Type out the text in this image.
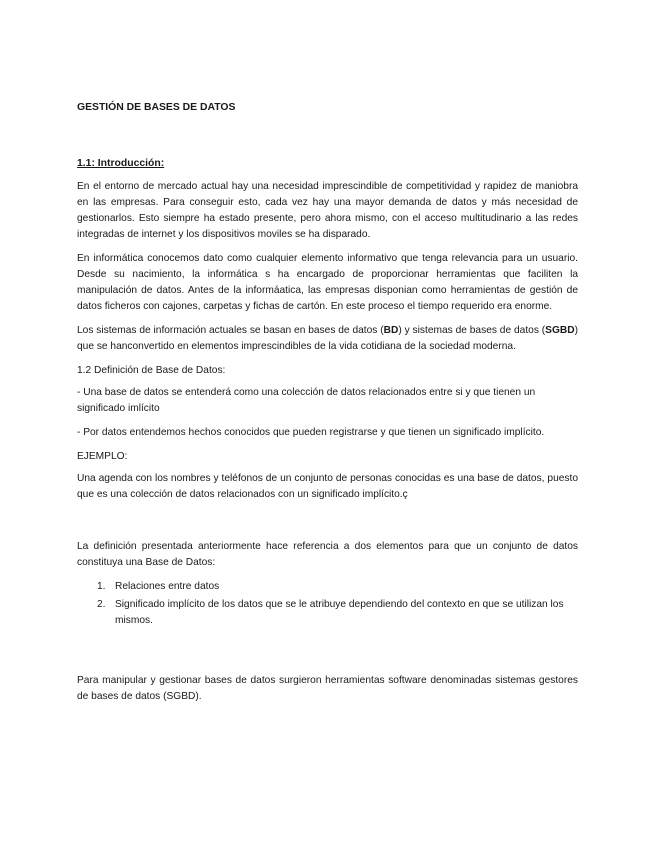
GESTIÓN DE BASES DE DATOS
1.1: Introducción:

En el entorno de mercado actual hay una necesidad imprescindible de competitividad y rapidez de maniobra en las empresas. Para conseguir esto, cada vez hay una mayor demanda de datos y más necesidad de gestionarlos. Esto siempre ha estado presente, pero ahora mismo, con el acceso multitudinario a las redes integradas de internet y los dispositivos moviles se ha disparado.

En informática conocemos dato como cualquier elemento informativo que tenga relevancia para un usuario. Desde su nacimiento, la informática s ha encargado de proporcionar herramientas que faciliten la manipulación de datos. Antes de la informáatica, las empresas disponian como herramientas de gestión de datos ficheros con cajones, carpetas y fichas de cartón. En este proceso el tiempo requerido era enorme.

Los sistemas de información actuales se basan en bases de datos (BD) y sistemas de bases de datos (SGBD) que se hanconvertido en elementos imprescindibles de la vida cotidiana de la sociedad moderna.

1.2 Definición de Base de Datos:

- Una base de datos se entenderá como una colección de datos relacionados entre si y que tienen un significado imlícito
- Por datos entendemos hechos conocidos que pueden registrarse y que tienen un significado implícito.

EJEMPLO:

Una agenda con los nombres y teléfonos de un conjunto de personas conocidas es una base de datos, puesto que es una colección de datos relacionados con un significado implícito.ç

La definición presentada anteriormente hace referencia a dos elementos para que un conjunto de datos constituya una Base de Datos:

1. Relaciones entre datos
2. Significado implícito de los datos que se le atribuye dependiendo del contexto en que se utilizan los mismos.

Para manipular y gestionar bases de datos surgieron herramientas software denominadas sistemas gestores de bases de datos (SGBD).
